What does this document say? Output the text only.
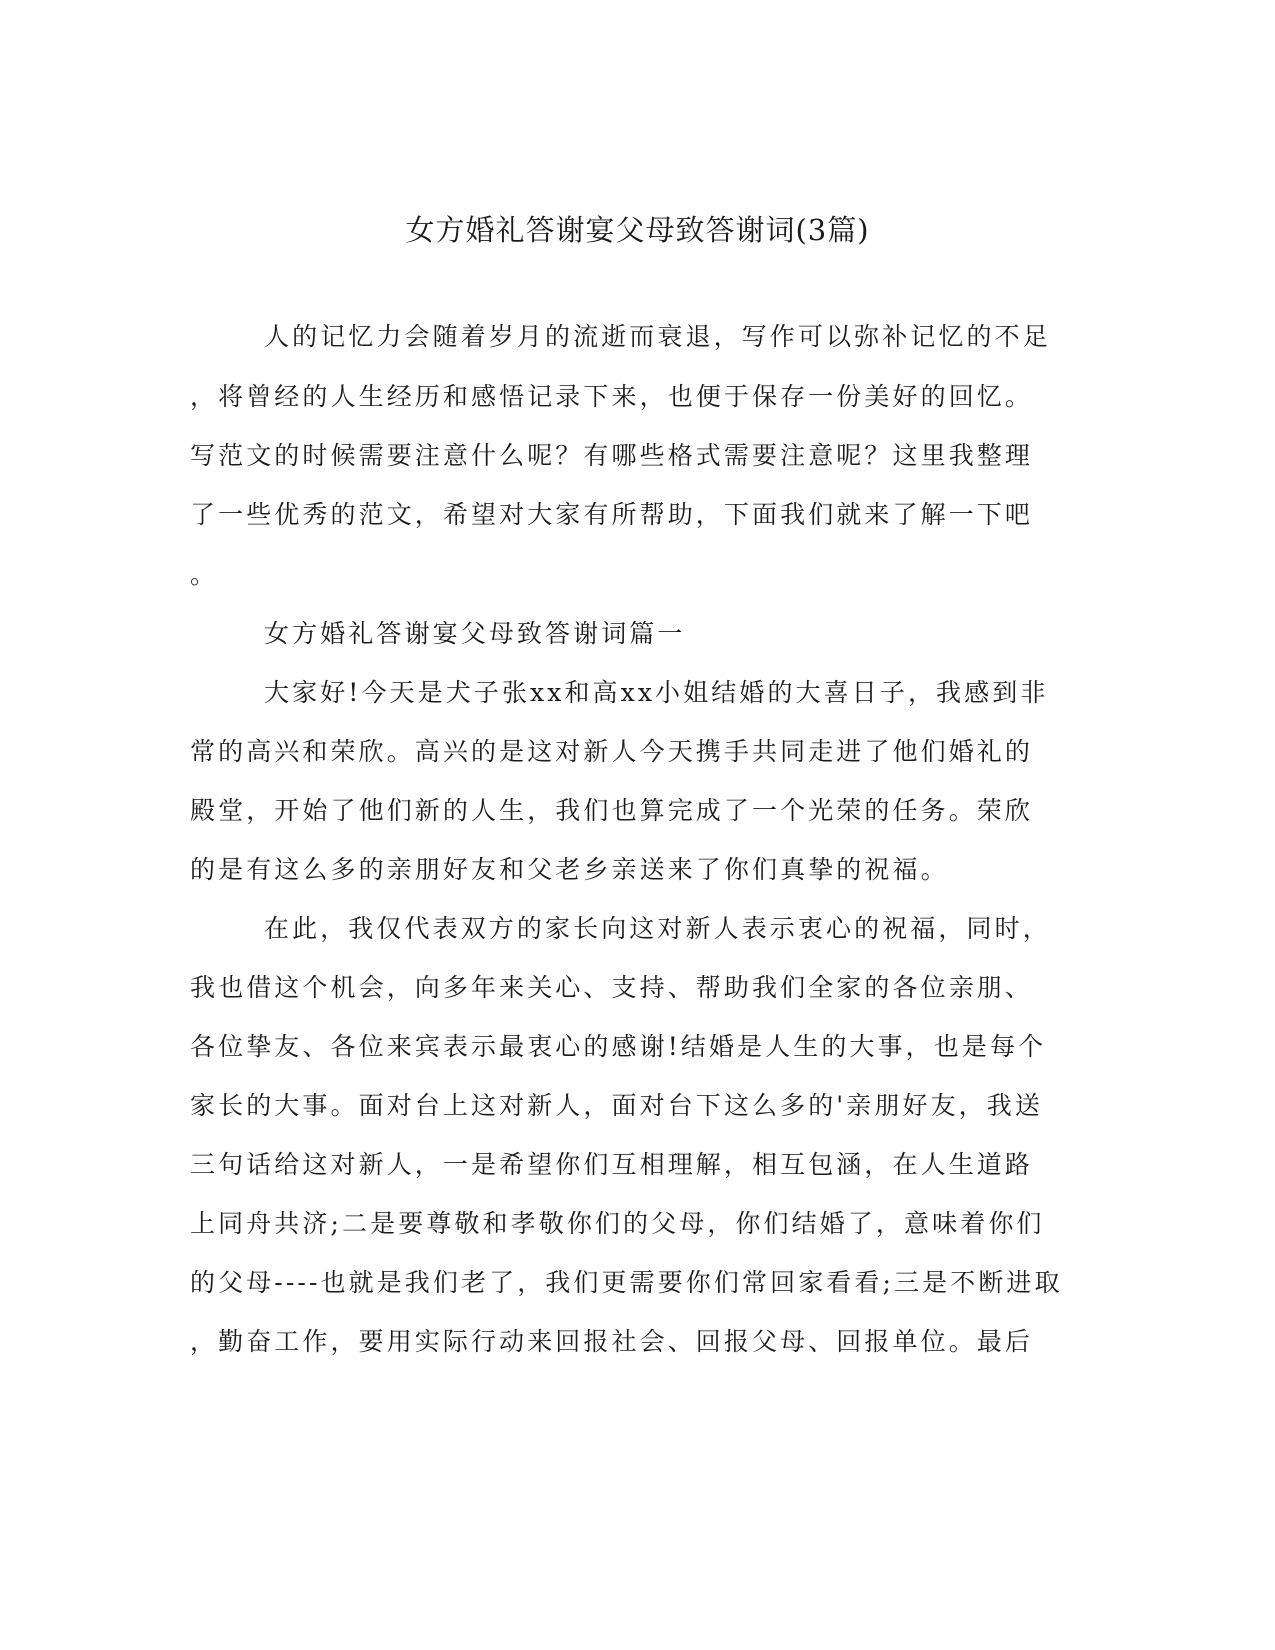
女方婚礼答谢宴父母致答谢词(3篇)

人的记忆力会随着岁月的流逝而衰退，写作可以弥补记忆的不足

，将曾经的人生经历和感悟记录下来，也便于保存一份美好的回忆。

写范文的时候需要注意什么呢？有哪些格式需要注意呢？这里我整理

了一些优秀的范文，希望对大家有所帮助，下面我们就来了解一下吧

。

女方婚礼答谢宴父母致答谢词篇一

大家好!今天是犬子张xx和高xx小姐结婚的大喜日子，我感到非

常的高兴和荣欣。高兴的是这对新人今天携手共同走进了他们婚礼的

殿堂，开始了他们新的人生，我们也算完成了一个光荣的任务。荣欣

的是有这么多的亲朋好友和父老乡亲送来了你们真挚的祝福。

在此，我仅代表双方的家长向这对新人表示衷心的祝福，同时，

我也借这个机会，向多年来关心、支持、帮助我们全家的各位亲朋、

各位挚友、各位来宾表示最衷心的感谢!结婚是人生的大事，也是每个

家长的大事。面对台上这对新人，面对台下这么多的'亲朋好友，我送

三句话给这对新人，一是希望你们互相理解，相互包涵，在人生道路

上同舟共济;二是要尊敬和孝敬你们的父母，你们结婚了，意味着你们

的父母----也就是我们老了，我们更需要你们常回家看看;三是不断进取

，勤奋工作，要用实际行动来回报社会、回报父母、回报单位。最后
